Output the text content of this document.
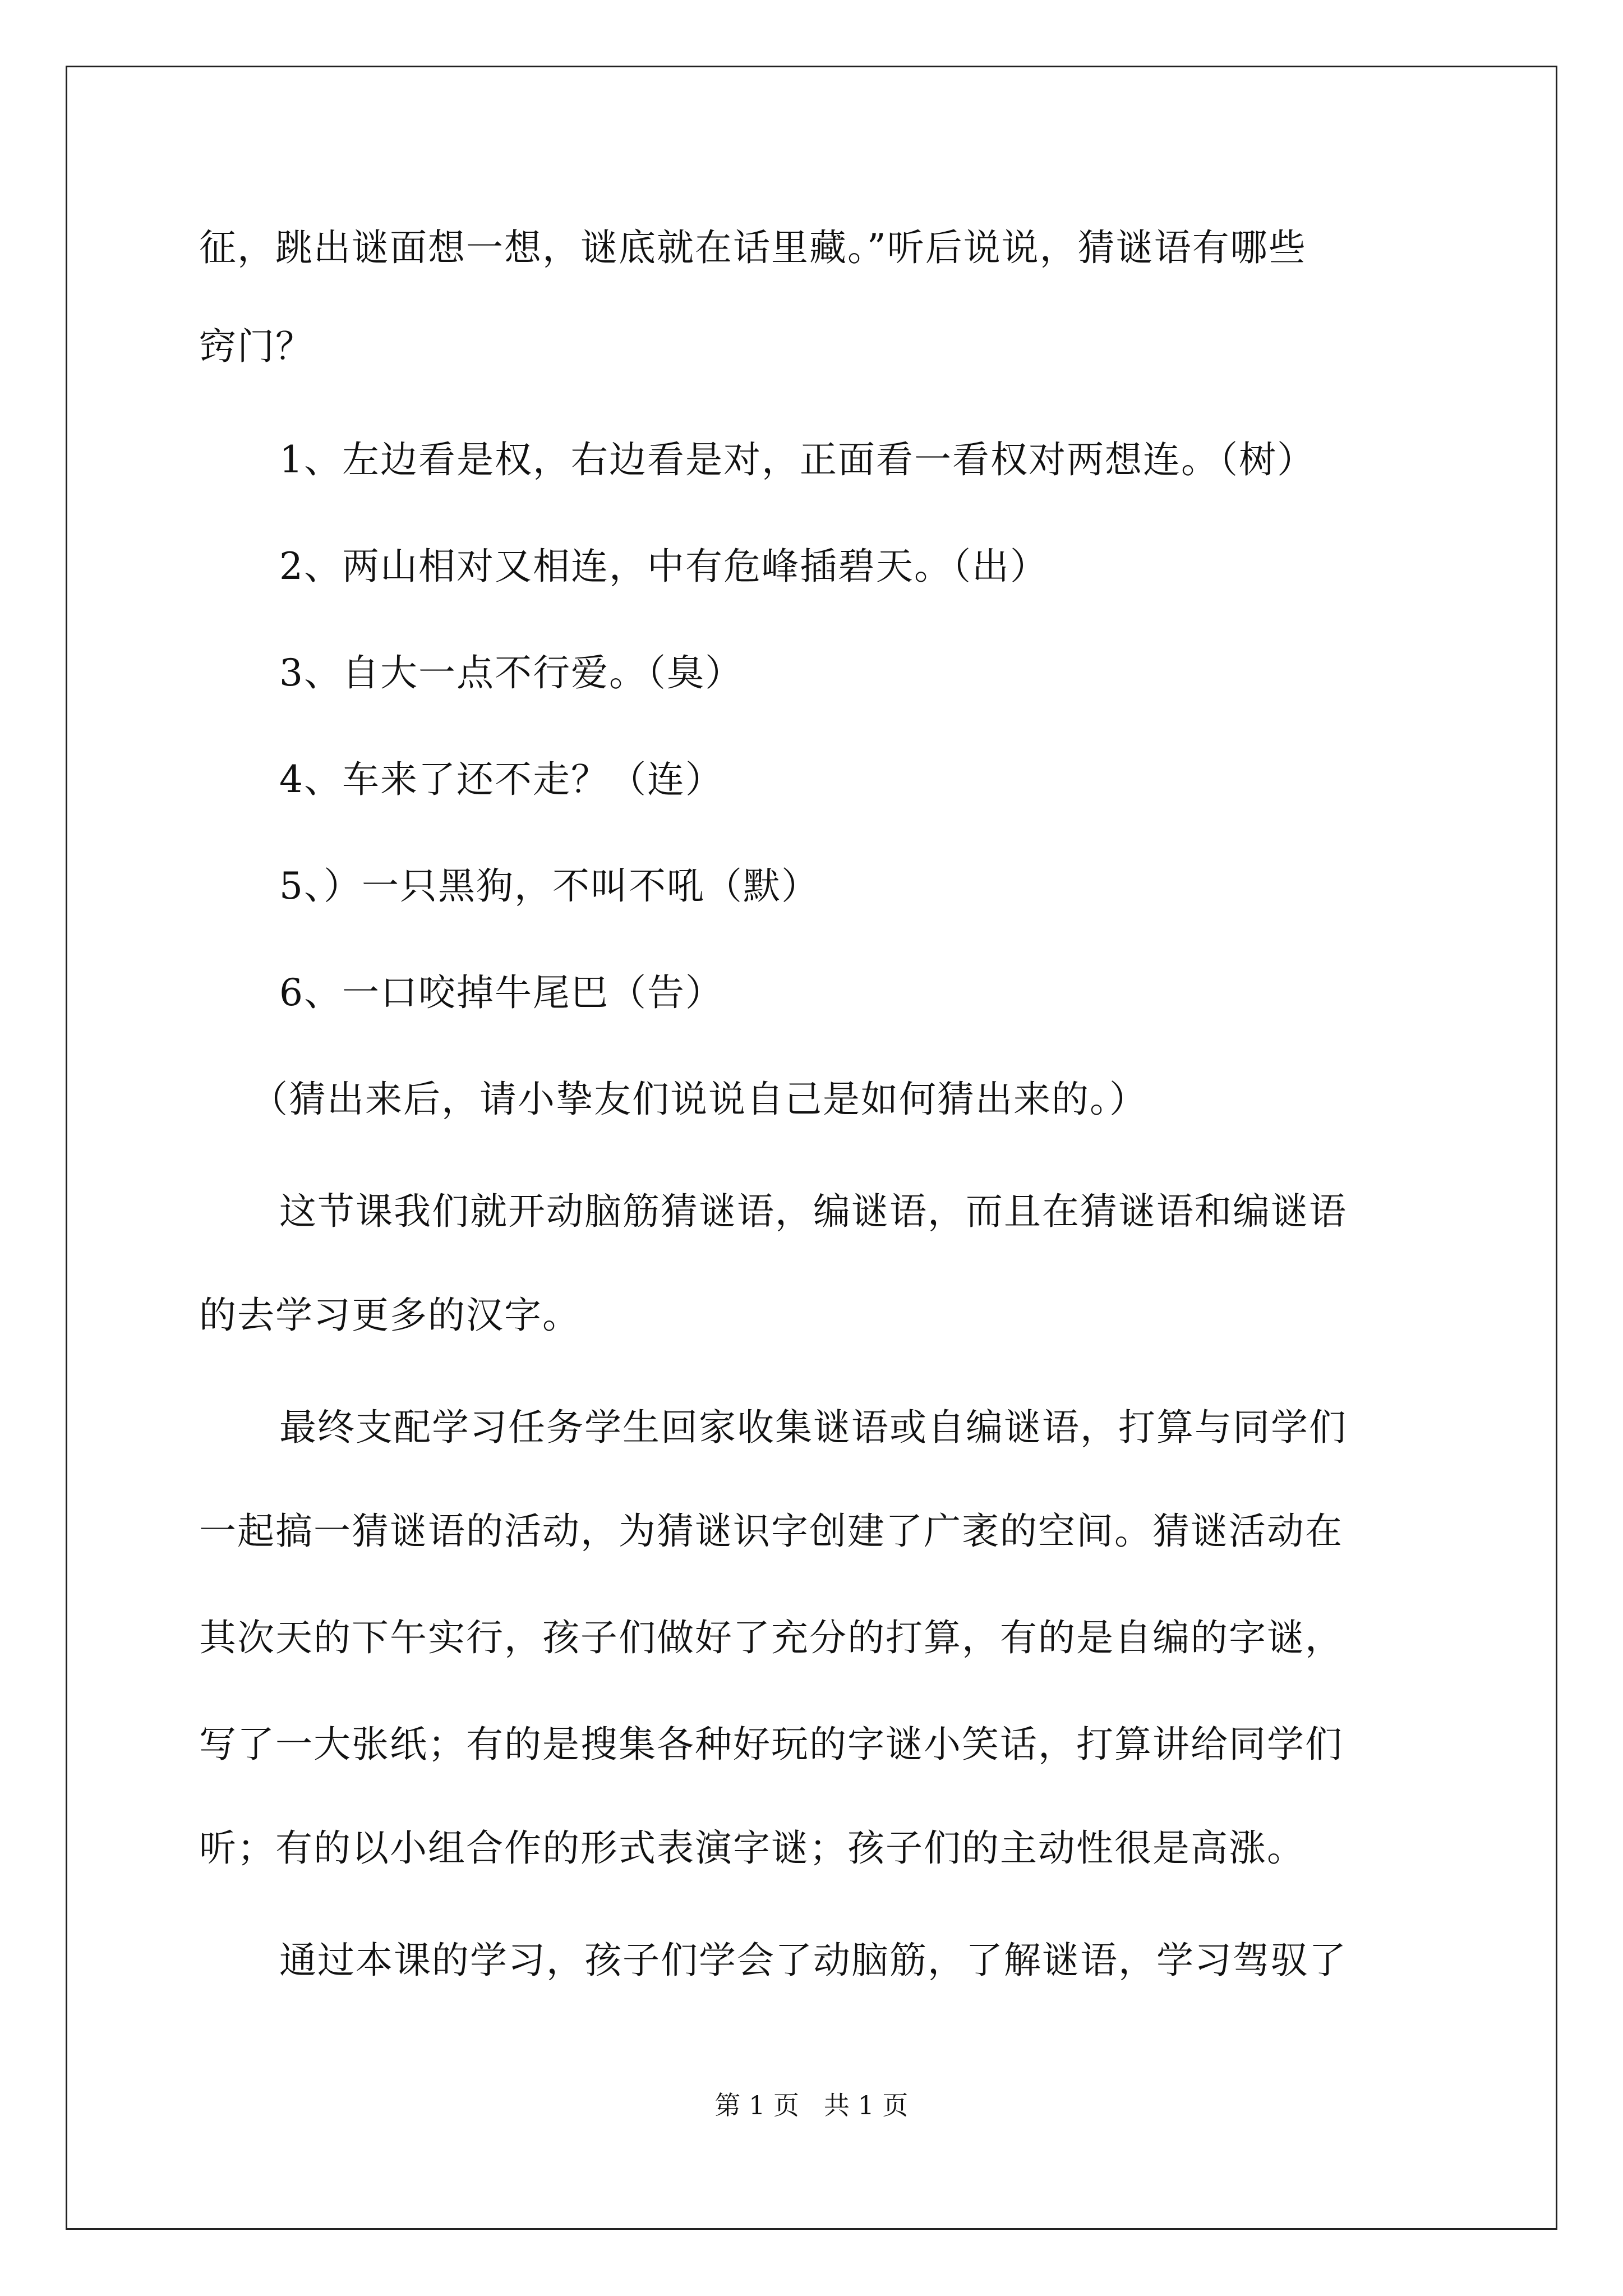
征，跳出谜面想一想，谜底就在话里藏。”听后说说，猜谜语有哪些
窍门？
1、左边看是权，右边看是对，正面看一看权对两想连。（树）
2、两山相对又相连，中有危峰插碧天。（出）
3、自大一点不行爱。（臭）
4、车来了还不走？（连）
5、）一只黑狗，不叫不吼（默）
6、一口咬掉牛尾巴（告）
（猜出来后，请小挚友们说说自己是如何猜出来的。）
这节课我们就开动脑筋猜谜语，编谜语，而且在猜谜语和编谜语
的去学习更多的汉字。
最终支配学习任务学生回家收集谜语或自编谜语，打算与同学们
一起搞一猜谜语的活动，为猜谜识字创建了广袤的空间。猜谜活动在
其次天的下午实行，孩子们做好了充分的打算，有的是自编的字谜，
写了一大张纸；有的是搜集各种好玩的字谜小笑话，打算讲给同学们
听；有的以小组合作的形式表演字谜；孩子们的主动性很是高涨。
通过本课的学习，孩子们学会了动脑筋，了解谜语，学习驾驭了
第 1 页   共 1 页
